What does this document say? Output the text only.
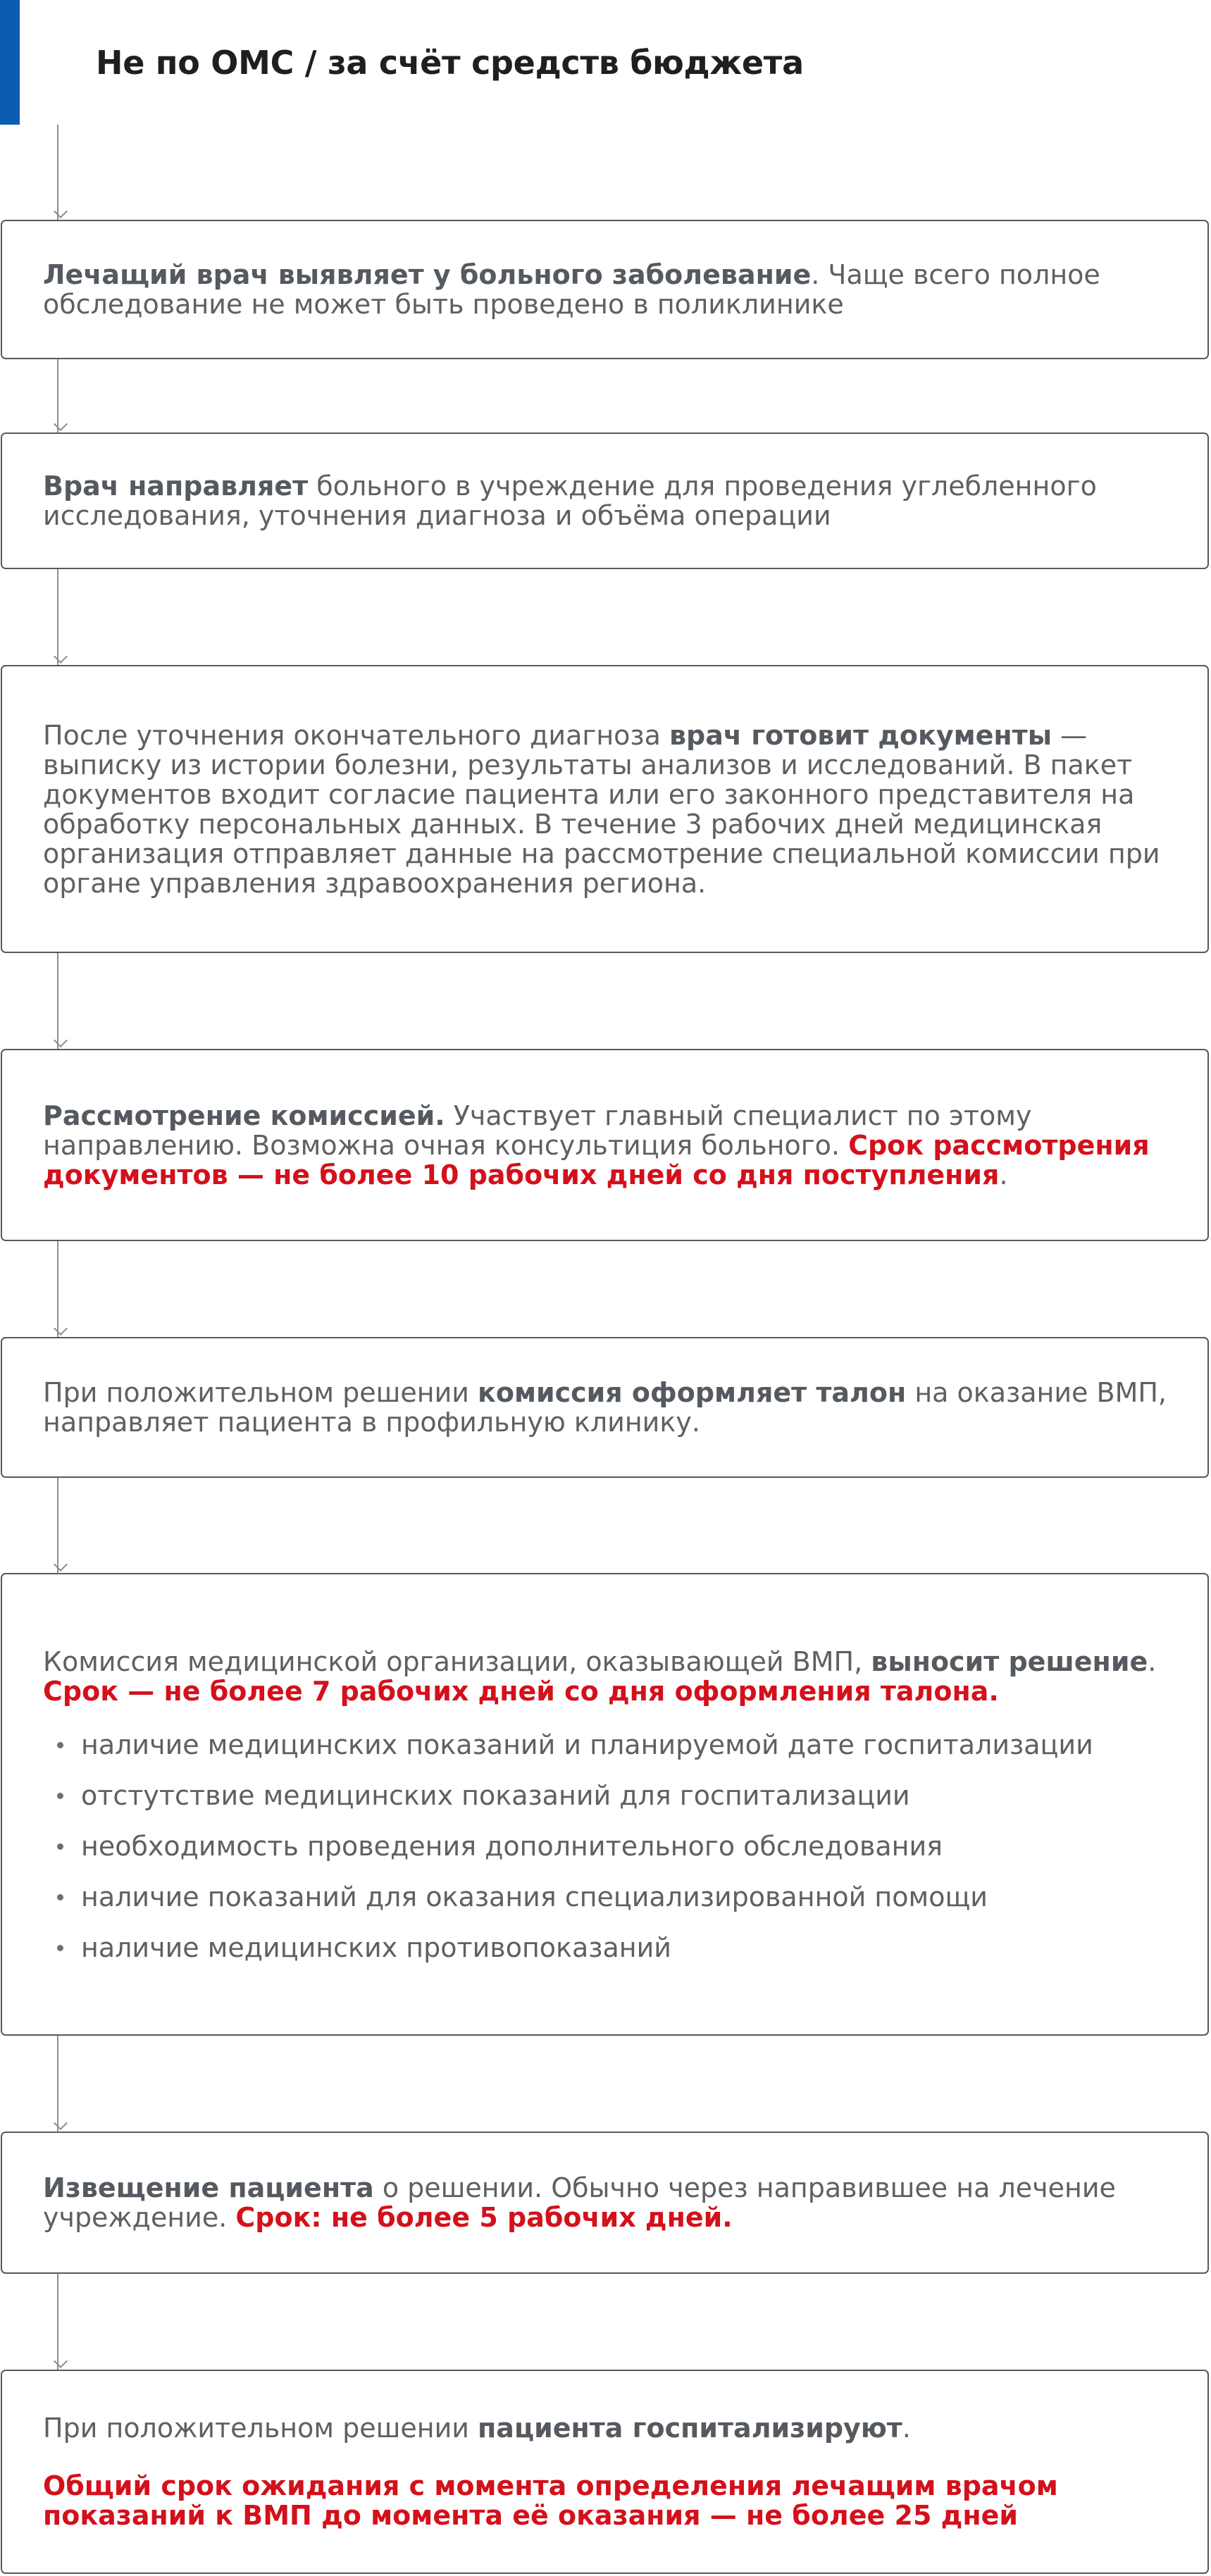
Не по ОМС / за счёт средств бюджета
Лечащий врач выявляет у больного заболевание. Чаще всего полное обследование не может быть проведено в поликлинике
Врач направляет больного в учреждение для проведения углебленного исследования, уточнения диагноза и объёма операции
После уточнения окончательного диагноза врач готовит документы — выписку из истории болезни, результаты анализов и исследований. В пакет документов входит согласие пациента или его законного представителя на обработку персональных данных. В течение 3 рабочих дней медицинская организация отправляет данные на рассмотрение специальной комиссии при органе управления здравоохранения региона.
Рассмотрение комиссией. Участвует главный специалист по этому направлению. Возможна очная консультиция больного. Срок рассмотрения документов — не более 10 рабочих дней со дня поступления.
При положительном решении комиссия оформляет талон на оказание ВМП, направляет пациента в профильную клинику.
Комиссия медицинской организации, оказывающей ВМП, выносит решение. Срок — не более 7 рабочих дней со дня оформления талона.
наличие медицинских показаний и планируемой дате госпитализации
отстутствие медицинских показаний для госпитализации
необходимость проведения дополнительного обследования
наличие показаний для оказания специализированной помощи
наличие медицинских противопоказаний
Извещение пациента о решении. Обычно через направившее на лечение учреждение. Срок: не более 5 рабочих дней.
При положительном решении пациента госпитализируют.
Общий срок ожидания с момента определения лечащим врачом показаний к ВМП до момента её оказания — не более 25 дней
